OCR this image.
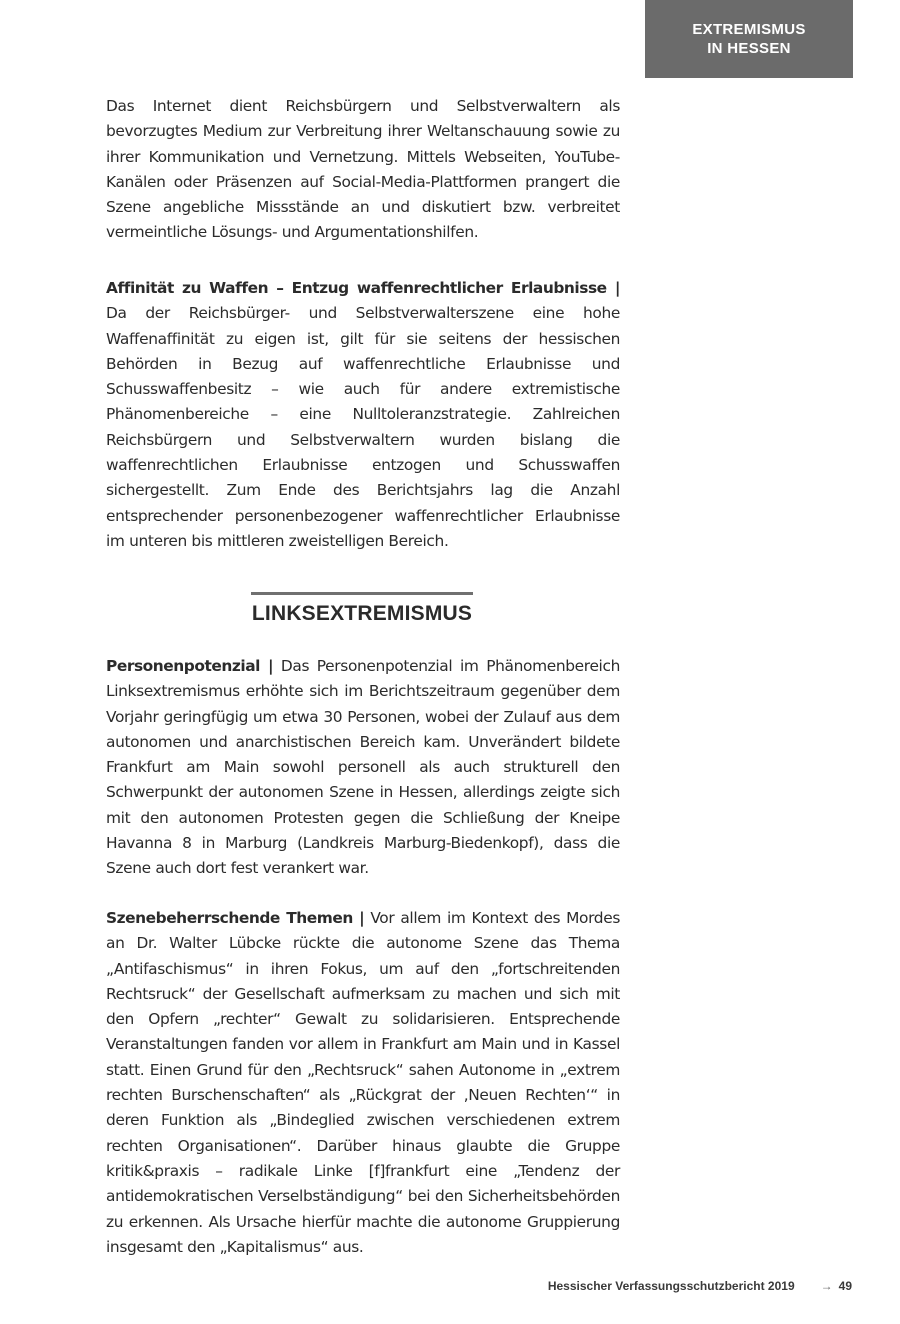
EXTREMISMUS
IN HESSEN

Das Internet dient Reichsbürgern und Selbstverwaltern als bevorzugtes Medium zur Verbreitung ihrer Weltanschauung sowie zu ihrer Kommunikation und Vernetzung. Mittels Webseiten, YouTube-Kanälen oder Präsenzen auf Social-Media-Plattformen prangert die Szene angebliche Missstände an und diskutiert bzw. verbreitet vermeintliche Lösungs- und Argumentationshilfen.

Affinität zu Waffen – Entzug waffenrechtlicher Erlaubnisse | Da der Reichsbürger- und Selbstverwalterszene eine hohe Waffenaffinität zu eigen ist, gilt für sie seitens der hessischen Behörden in Bezug auf waffenrechtliche Erlaubnisse und Schusswaffenbesitz – wie auch für andere extremistische Phänomenbereiche – eine Nulltoleranzstrategie. Zahlreichen Reichsbürgern und Selbstverwaltern wurden bislang die waffenrechtlichen Erlaubnisse entzogen und Schusswaffen sichergestellt. Zum Ende des Berichtsjahrs lag die Anzahl entsprechender personenbezogener waffenrechtlicher Erlaubnisse im unteren bis mittleren zweistelligen Bereich.

LINKSEXTREMISMUS

Personenpotenzial | Das Personenpotenzial im Phänomenbereich Linksextremismus erhöhte sich im Berichtszeitraum gegenüber dem Vorjahr geringfügig um etwa 30 Personen, wobei der Zulauf aus dem autonomen und anarchistischen Bereich kam. Unverändert bildete Frankfurt am Main sowohl personell als auch strukturell den Schwerpunkt der autonomen Szene in Hessen, allerdings zeigte sich mit den autonomen Protesten gegen die Schließung der Kneipe Havanna 8 in Marburg (Landkreis Marburg-Biedenkopf), dass die Szene auch dort fest verankert war.

Szenebeherrschende Themen | Vor allem im Kontext des Mordes an Dr. Walter Lübcke rückte die autonome Szene das Thema „Antifaschismus“ in ihren Fokus, um auf den „fortschreitenden Rechtsruck“ der Gesellschaft aufmerksam zu machen und sich mit den Opfern „rechter“ Gewalt zu solidarisieren. Entsprechende Veranstaltungen fanden vor allem in Frankfurt am Main und in Kassel statt. Einen Grund für den „Rechtsruck“ sahen Autonome in „extrem rechten Burschenschaften“ als „Rückgrat der ‚Neuen Rechten‘“ in deren Funktion als „Bindeglied zwischen verschiedenen extrem rechten Organisationen“. Darüber hinaus glaubte die Gruppe kritik&praxis – radikale Linke [f]frankfurt eine „Tendenz der antidemokratischen Verselbständigung“ bei den Sicherheitsbehörden zu erkennen. Als Ursache hierfür machte die autonome Gruppierung insgesamt den „Kapitalismus“ aus.

Hessischer Verfassungsschutzbericht 2019 → 49
